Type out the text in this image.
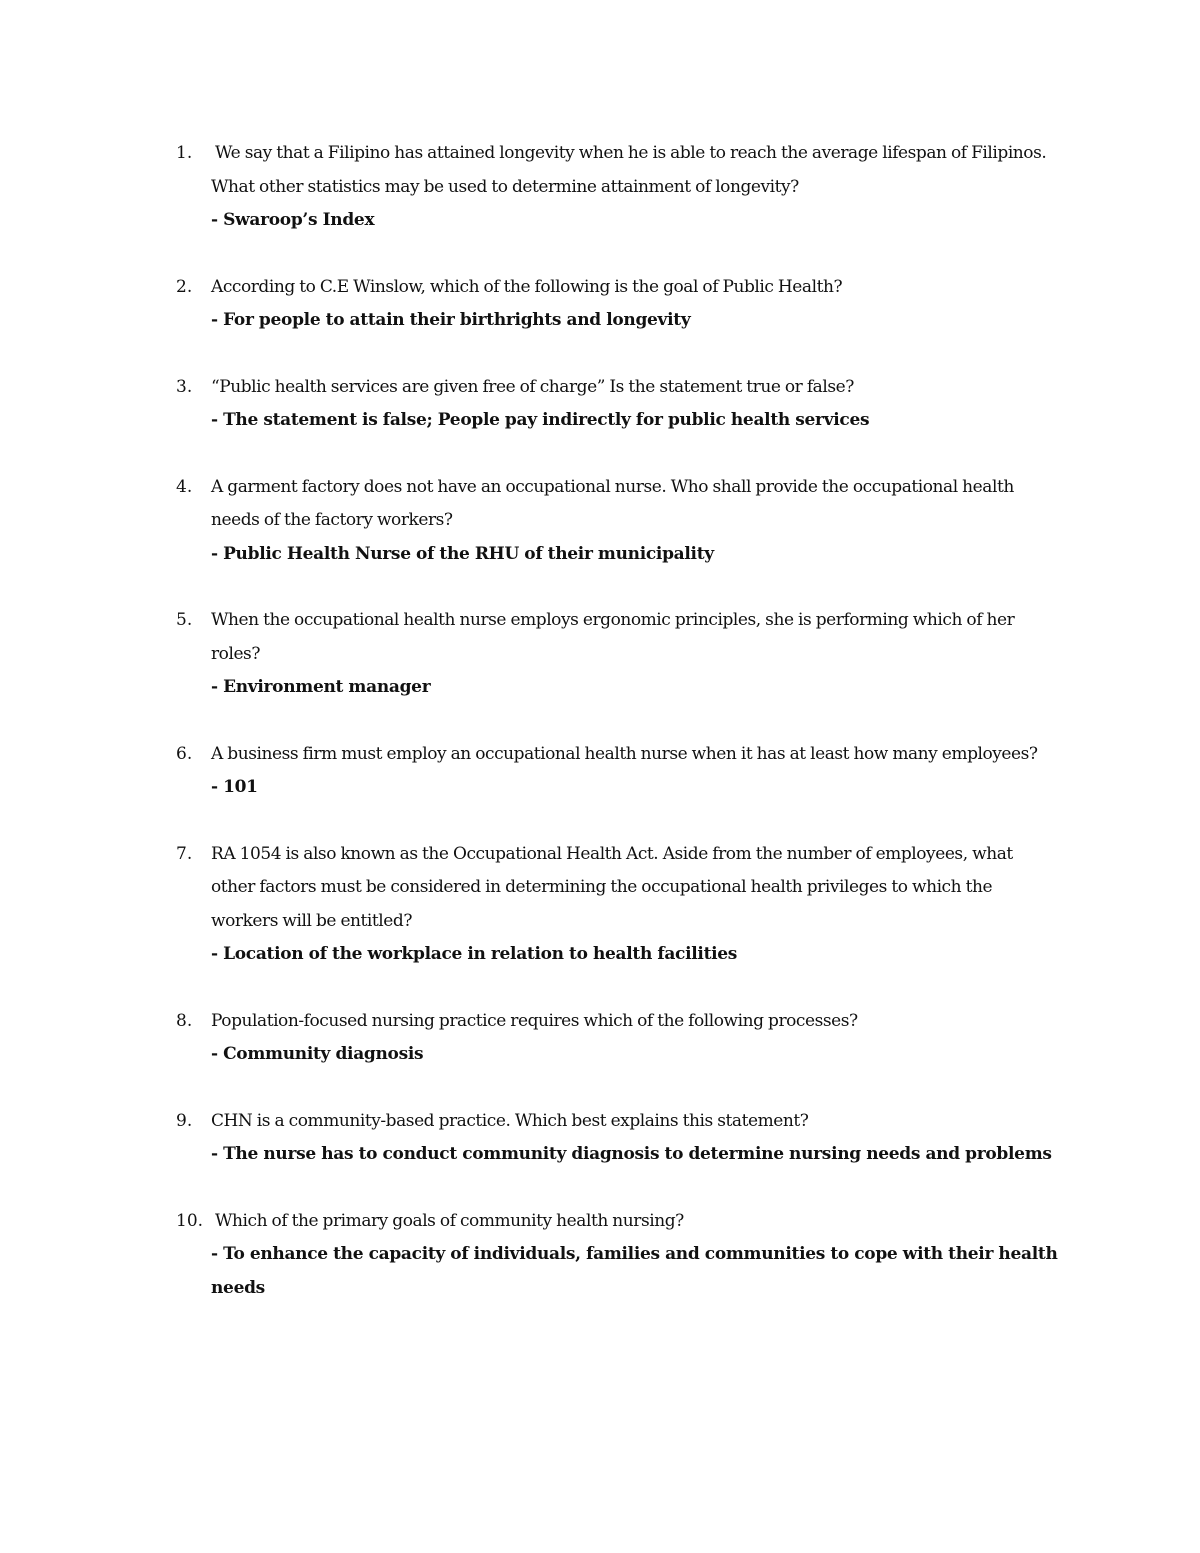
1. We say that a Filipino has attained longevity when he is able to reach the average lifespan of Filipinos. What other statistics may be used to determine attainment of longevity?

- Swaroop’s Index

2. According to C.E Winslow, which of the following is the goal of Public Health?

- For people to attain their birthrights and longevity

3. “Public health services are given free of charge” Is the statement true or false?

- The statement is false; People pay indirectly for public health services

4. A garment factory does not have an occupational nurse. Who shall provide the occupational health needs of the factory workers?

- Public Health Nurse of the RHU of their municipality

5. When the occupational health nurse employs ergonomic principles, she is performing which of her roles?

- Environment manager

6. A business firm must employ an occupational health nurse when it has at least how many employees?

- 101

7. RA 1054 is also known as the Occupational Health Act. Aside from the number of employees, what other factors must be considered in determining the occupational health privileges to which the workers will be entitled?

- Location of the workplace in relation to health facilities

8. Population-focused nursing practice requires which of the following processes?

- Community diagnosis

9. CHN is a community-based practice. Which best explains this statement?

- The nurse has to conduct community diagnosis to determine nursing needs and problems

10. Which of the primary goals of community health nursing?

- To enhance the capacity of individuals, families and communities to cope with their health needs
